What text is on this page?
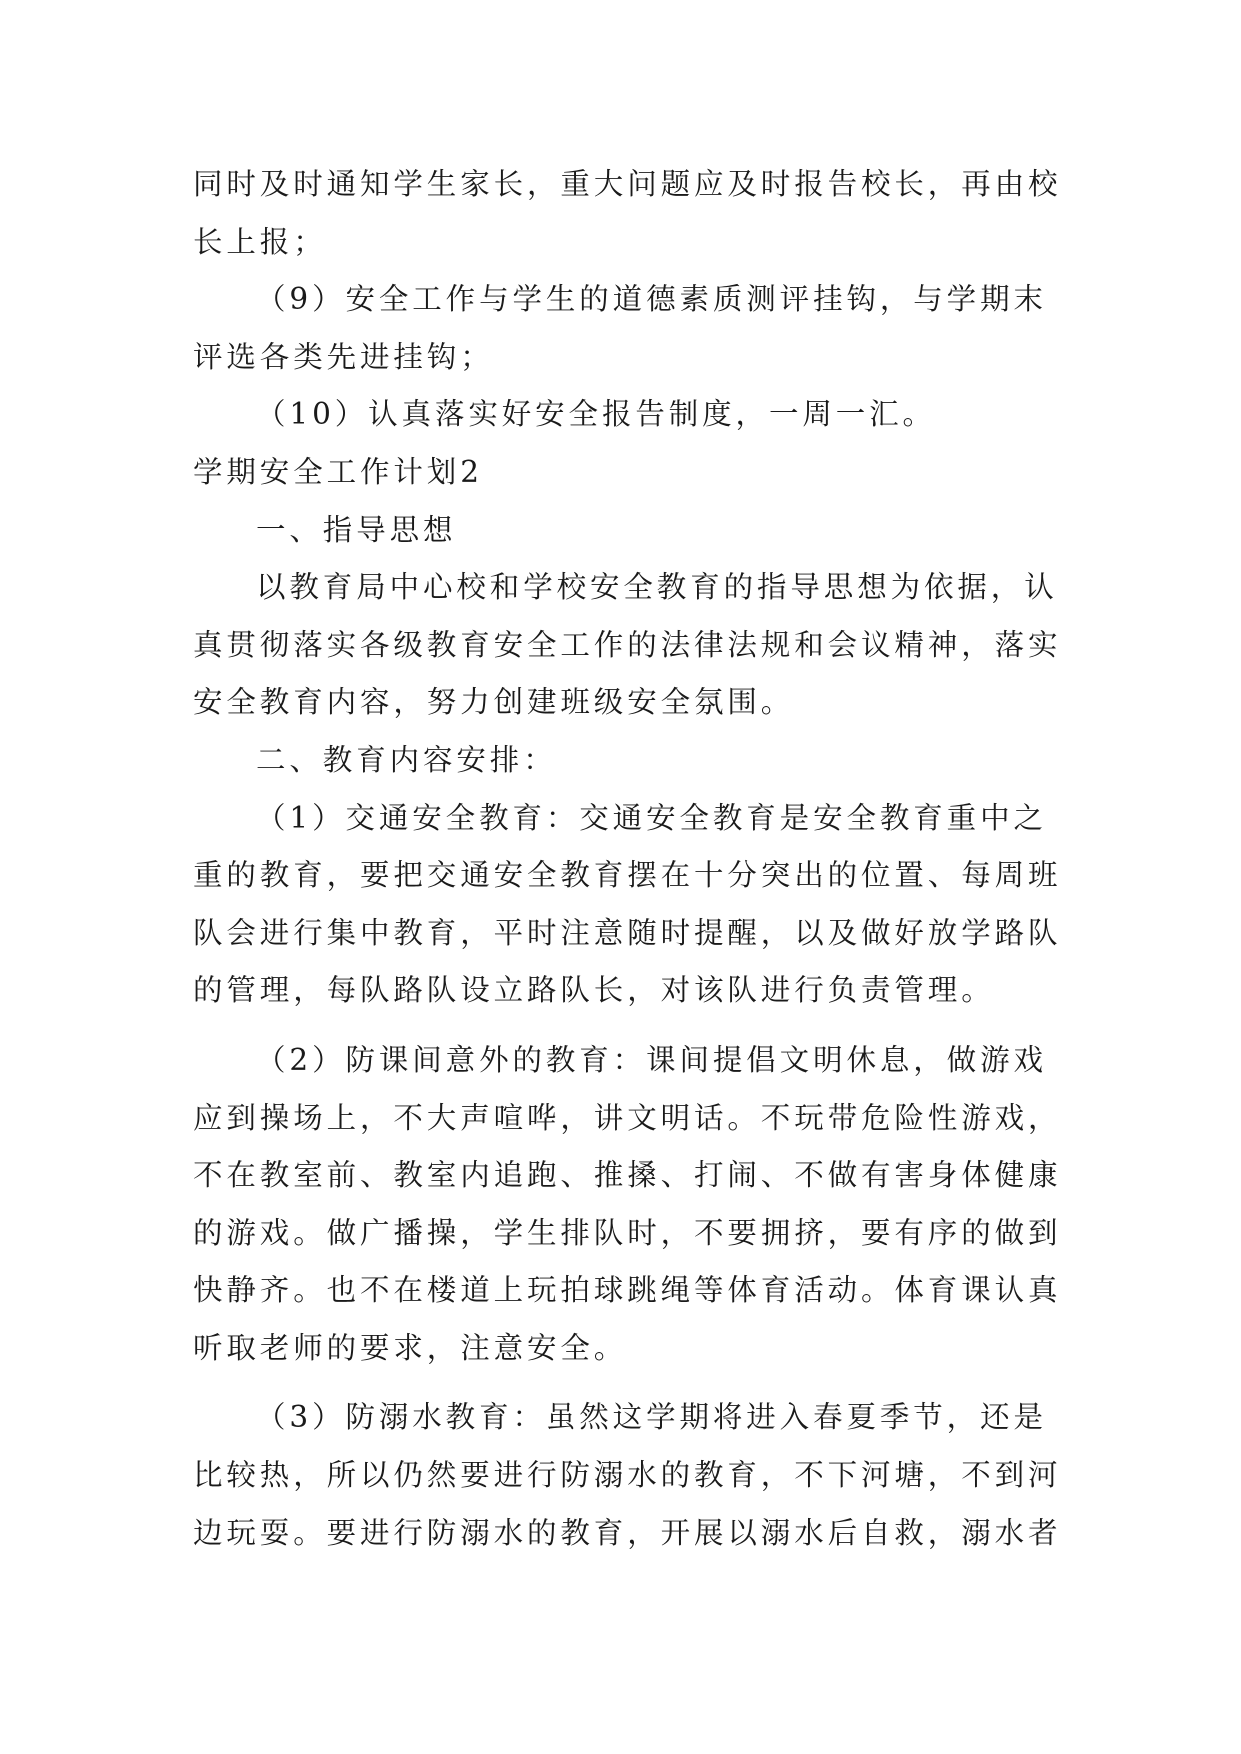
同时及时通知学生家长，重大问题应及时报告校长，再由校
长上报；
（9）安全工作与学生的道德素质测评挂钩，与学期末
评选各类先进挂钩；
（10）认真落实好安全报告制度，一周一汇。
学期安全工作计划2
一、指导思想
以教育局中心校和学校安全教育的指导思想为依据，认
真贯彻落实各级教育安全工作的法律法规和会议精神，落实
安全教育内容，努力创建班级安全氛围。
二、教育内容安排：
（1）交通安全教育：交通安全教育是安全教育重中之
重的教育，要把交通安全教育摆在十分突出的位置、每周班
队会进行集中教育，平时注意随时提醒，以及做好放学路队
的管理，每队路队设立路队长，对该队进行负责管理。
（2）防课间意外的教育：课间提倡文明休息，做游戏
应到操场上，不大声喧哗，讲文明话。不玩带危险性游戏，
不在教室前、教室内追跑、推搡、打闹、不做有害身体健康
的游戏。做广播操，学生排队时，不要拥挤，要有序的做到
快静齐。也不在楼道上玩拍球跳绳等体育活动。体育课认真
听取老师的要求，注意安全。
（3）防溺水教育：虽然这学期将进入春夏季节，还是
比较热，所以仍然要进行防溺水的教育，不下河塘，不到河
边玩耍。要进行防溺水的教育，开展以溺水后自救，溺水者
